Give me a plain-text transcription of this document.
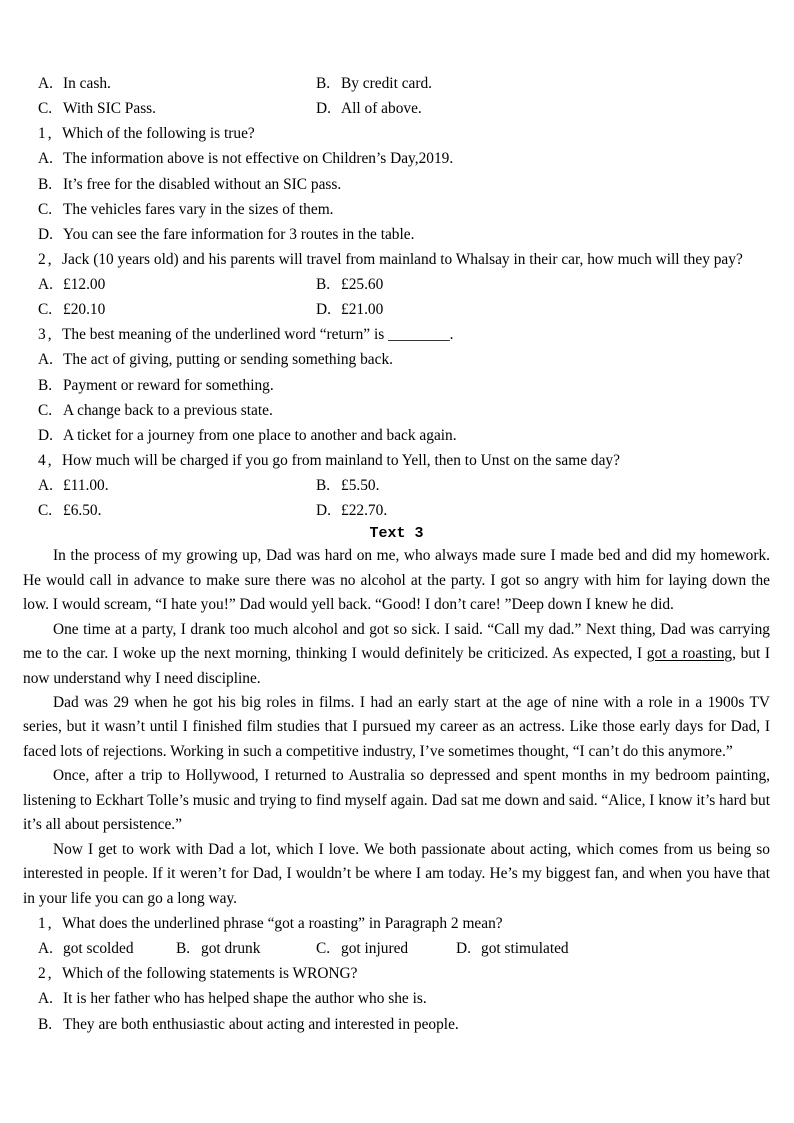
A. In cash.	B. By credit card.
C. With SIC Pass.	D. All of above.
1 , Which of the following is true?
A. The information above is not effective on Children’s Day,2019.
B. It’s free for the disabled without an SIC pass.
C. The vehicles fares vary in the sizes of them.
D. You can see the fare information for 3 routes in the table.
2 , Jack (10 years old) and his parents will travel from mainland to Whalsay in their car, how much will they pay?
A. £12.00	B. £25.60
C. £20.10	D. £21.00
3 , The best meaning of the underlined word “return” is ________.
A. The act of giving, putting or sending something back.
B. Payment or reward for something.
C. A change back to a previous state.
D. A ticket for a journey from one place to another and back again.
4 , How much will be charged if you go from mainland to Yell, then to Unst on the same day?
A. £11.00.	B. £5.50.
C. £6.50.	D. £22.70.
Text 3

In the process of my growing up, Dad was hard on me, who always made sure I made bed and did my homework. He would call in advance to make sure there was no alcohol at the party. I got so angry with him for laying down the low. I would scream, “I hate you!” Dad would yell back. “Good! I don’t care! ”Deep down I knew he did.

One time at a party, I drank too much alcohol and got so sick. I said. “Call my dad.” Next thing, Dad was carrying me to the car. I woke up the next morning, thinking I would definitely be criticized. As expected, I got a roasting, but I now understand why I need discipline.

Dad was 29 when he got his big roles in films. I had an early start at the age of nine with a role in a 1900s TV series, but it wasn’t until I finished film studies that I pursued my career as an actress. Like those early days for Dad, I faced lots of rejections. Working in such a competitive industry, I’ve sometimes thought, “I can’t do this anymore.”

Once, after a trip to Hollywood, I returned to Australia so depressed and spent months in my bedroom painting, listening to Eckhart Tolle’s music and trying to find myself again. Dad sat me down and said. “Alice, I know it’s hard but it’s all about persistence.”

Now I get to work with Dad a lot, which I love. We both passionate about acting, which comes from us being so interested in people. If it weren’t for Dad, I wouldn’t be where I am today. He’s my biggest fan, and when you have that in your life you can go a long way.

1 , What does the underlined phrase “got a roasting” in Paragraph 2 mean?
A. got scolded	B. got drunk	C. got injured	D. got stimulated
2 , Which of the following statements is WRONG?
A. It is her father who has helped shape the author who she is.
B. They are both enthusiastic about acting and interested in people.
